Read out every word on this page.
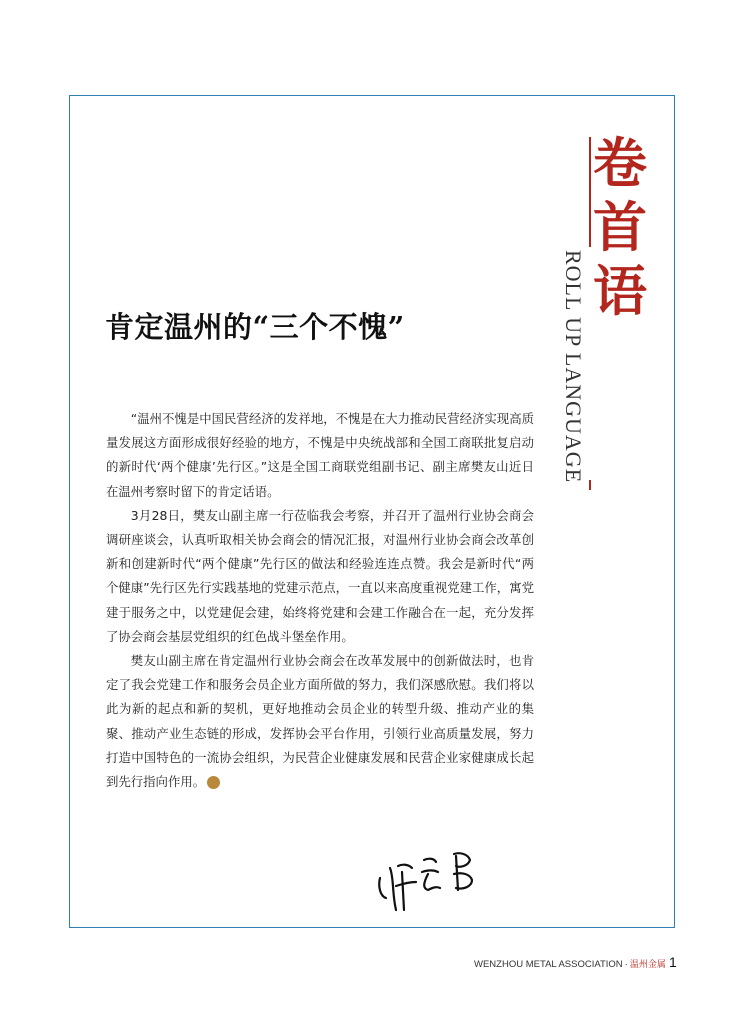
卷
首
语
ROLL UP LANGUAGE
肯定温州的“三个不愧”

“温州不愧是中国民营经济的发祥地，不愧是在大力推动民营经济实现高质量发展这方面形成很好经验的地方，不愧是中央统战部和全国工商联批复启动的新时代‘两个健康’先行区。”这是全国工商联党组副书记、副主席樊友山近日在温州考察时留下的肯定话语。

3月28日，樊友山副主席一行莅临我会考察，并召开了温州行业协会商会调研座谈会，认真听取相关协会商会的情况汇报，对温州行业协会商会改革创新和创建新时代“两个健康”先行区的做法和经验连连点赞。我会是新时代“两个健康”先行区先行实践基地的党建示范点，一直以来高度重视党建工作，寓党建于服务之中，以党建促会建，始终将党建和会建工作融合在一起，充分发挥了协会商会基层党组织的红色战斗堡垒作用。

樊友山副主席在肯定温州行业协会商会在改革发展中的创新做法时，也肯定了我会党建工作和服务会员企业方面所做的努力，我们深感欣慰。我们将以此为新的起点和新的契机，更好地推动会员企业的转型升级、推动产业的集聚、推动产业生态链的形成，发挥协会平台作用，引领行业高质量发展，努力打造中国特色的一流协会组织，为民营企业健康发展和民营企业家健康成长起到先行指向作用。	会

WENZHOU METAL ASSOCIATION · 温州金属 1
